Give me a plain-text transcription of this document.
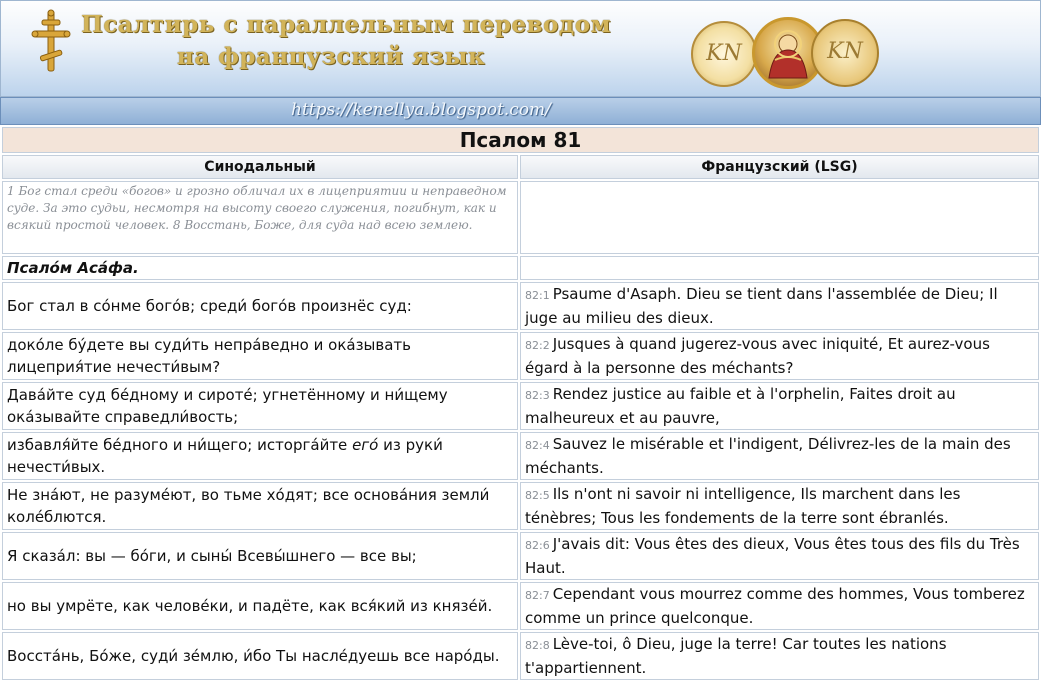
Псалтирь с параллельным переводом
на французский язык	KN	KN
https://kenellya.blogspot.com/
Псалом 81	
Синодальный	Французский (LSG)
1 Бог стал среди «богов» и грозно обличал их в лицеприятии и неправедном суде. За это судьи, несмотря на высоту своего служения, погибнут, как и всякий простой человек. 8 Восстань, Боже, для суда над всею землею.	
Псало́м Аса́фа.	
Бог стал в со́нме бого́в; среди́ бого́в произнёс суд:	82:1 Psaume d'Asaph. Dieu se tient dans l'assemblée de Dieu; Il juge au milieu des dieux.
доко́ле бу́дете вы суди́ть непра́ведно и ока́зывать лицеприя́тие нечести́вым?	82:2 Jusques à quand jugerez-vous avec iniquité, Et aurez-vous égard à la personne des méchants?
Дава́йте суд бе́дному и сироте́; угнетённому и ни́щему ока́зывайте справедли́вость;	82:3 Rendez justice au faible et à l'orphelin, Faites droit au malheureux et au pauvre,
избавля́йте бе́дного и ни́щего; исторга́йте его́ из руки́ нечести́вых.	82:4 Sauvez le misérable et l'indigent, Délivrez-les de la main des méchants.
Не зна́ют, не разуме́ют, во тьме хо́дят; все основа́ния земли́ коле́блются.	82:5 Ils n'ont ni savoir ni intelligence, Ils marchent dans les ténèbres; Tous les fondements de la terre sont ébranlés.
Я сказа́л: вы — бо́ги, и сыны́ Всевы́шнего — все вы;	82:6 J'avais dit: Vous êtes des dieux, Vous êtes tous des fils du Très Haut.
но вы умрёте, как челове́ки, и падёте, как вся́кий из князе́й.	82:7 Cependant vous mourrez comme des hommes, Vous tomberez comme un prince quelconque.
Восста́нь, Бо́же, суди́ зе́млю, и́бо Ты насле́дуешь все наро́ды.	82:8 Lève-toi, ô Dieu, juge la terre! Car toutes les nations t'appartiennent.
